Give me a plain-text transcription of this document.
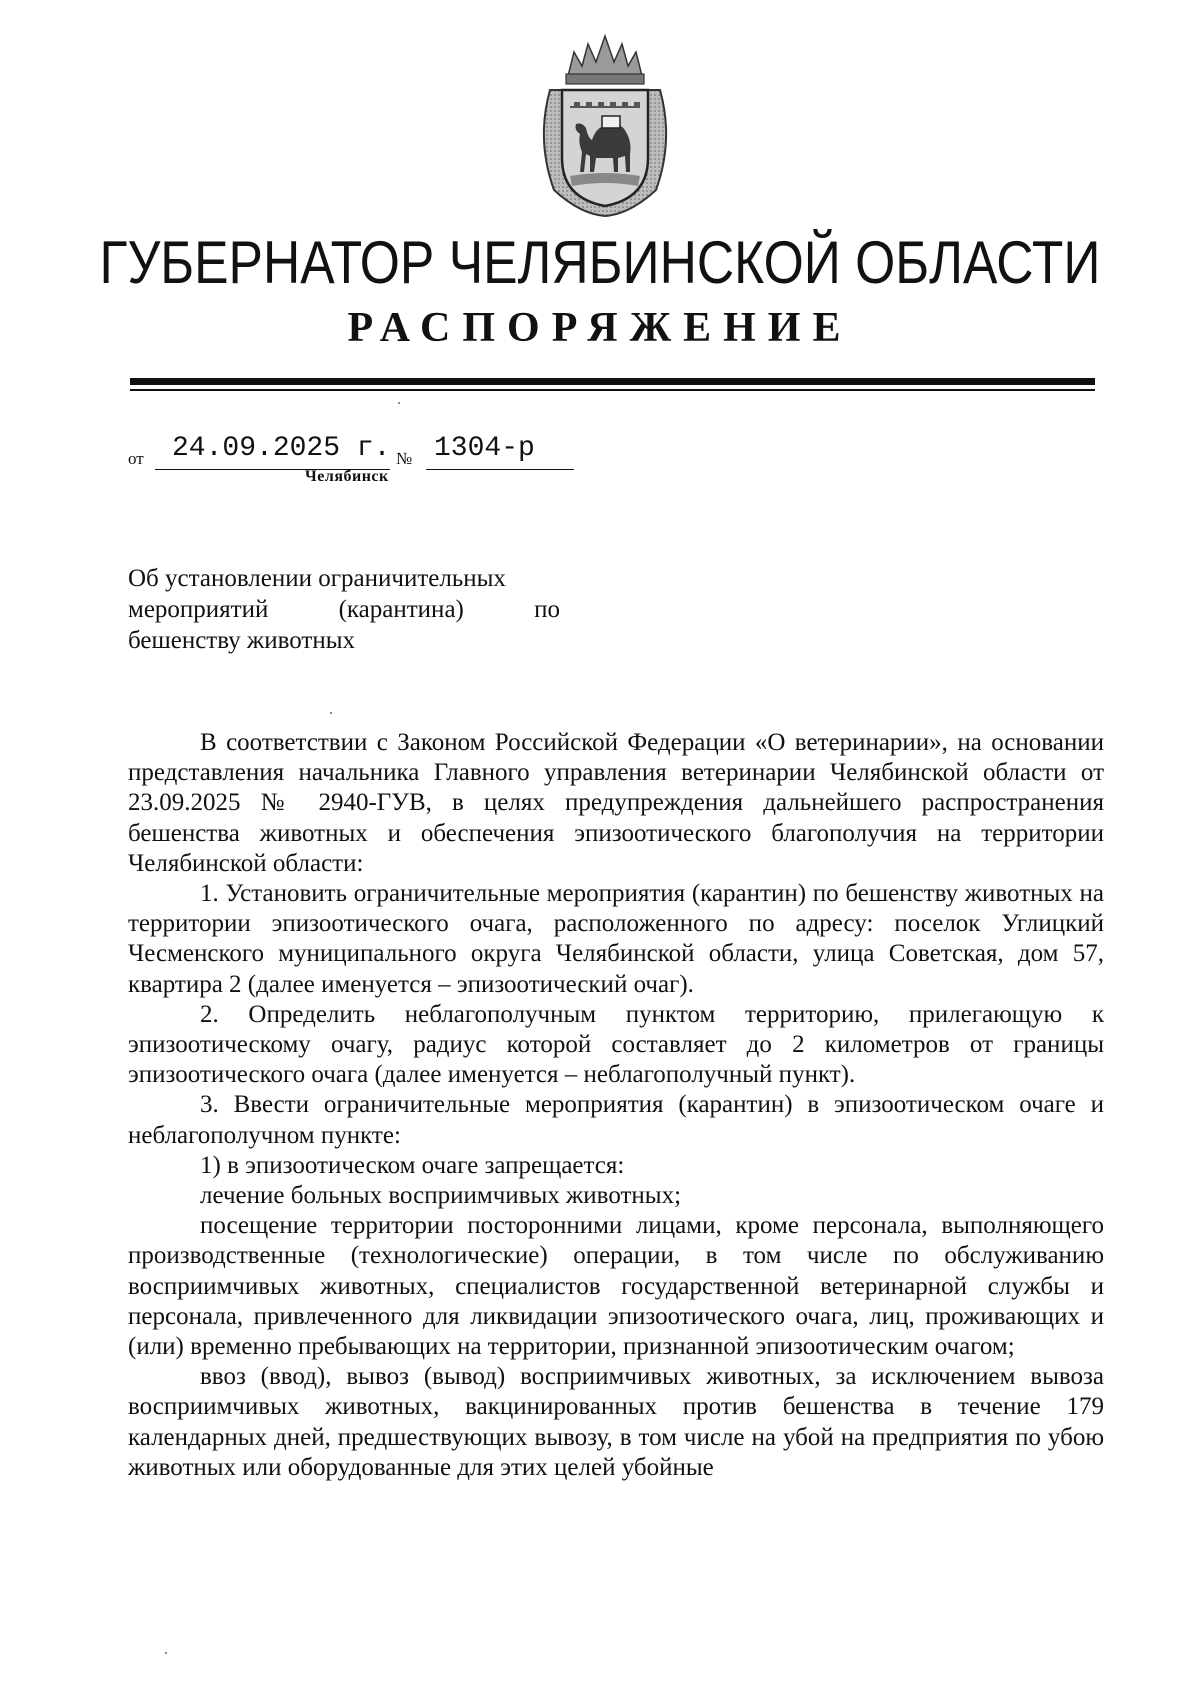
ГУБЕРНАТОР ЧЕЛЯБИНСКОЙ ОБЛАСТИ
РАСПОРЯЖЕНИЕ
от 24.09.2025 г. № 1304-р
Челябинск
Об установлении ограничительных
мероприятий	(карантина)	по
бешенству животных

В соответствии с Законом Российской Федерации «О ветеринарии», на основании представления начальника Главного управления ветеринарии Челябинской области от 23.09.2025 № 2940-ГУВ, в целях предупреждения дальнейшего распространения бешенства животных и обеспечения эпизоотического благополучия на территории Челябинской области:

1. Установить ограничительные мероприятия (карантин) по бешенству животных на территории эпизоотического очага, расположенного по адресу: поселок Углицкий Чесменского муниципального округа Челябинской области, улица Советская, дом 57, квартира 2 (далее именуется – эпизоотический очаг).

2. Определить неблагополучным пунктом территорию, прилегающую к эпизоотическому очагу, радиус которой составляет до 2 километров от границы эпизоотического очага (далее именуется – неблагополучный пункт).

3. Ввести ограничительные мероприятия (карантин) в эпизоотическом очаге и неблагополучном пункте:

1) в эпизоотическом очаге запрещается:

лечение больных восприимчивых животных;

посещение территории посторонними лицами, кроме персонала, выполняющего производственные (технологические) операции, в том числе по обслуживанию восприимчивых животных, специалистов государственной ветеринарной службы и персонала, привлеченного для ликвидации эпизоотического очага, лиц, проживающих и (или) временно пребывающих на территории, признанной эпизоотическим очагом;

ввоз (ввод), вывоз (вывод) восприимчивых животных, за исключением вывоза восприимчивых животных, вакцинированных против бешенства в течение 179 календарных дней, предшествующих вывозу, в том числе на убой на предприятия по убою животных или оборудованные для этих целей убойные
